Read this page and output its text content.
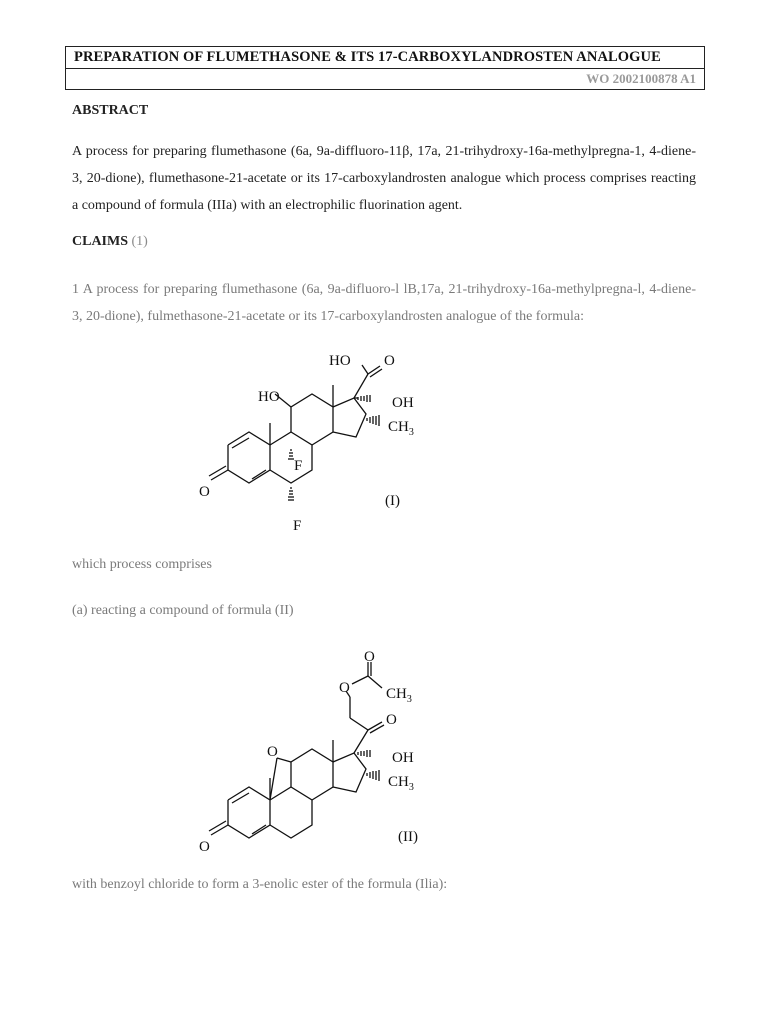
PREPARATION OF FLUMETHASONE & ITS 17-CARBOXYLANDROSTEN ANALOGUE
WO 2002100878 A1
ABSTRACT
A process for preparing flumethasone (6a, 9a-diffluoro-11β, 17a, 21-trihydroxy-16a-methylpregna-1, 4-diene-3, 20-dione), flumethasone-21-acetate or its 17-carboxylandrosten analogue which process comprises reacting a compound of formula (IIIa) with an electrophilic fluorination agent.
CLAIMS (1)
1 A process for preparing flumethasone (6a, 9a-difluoro-l lB,17a, 21-trihydroxy-16a-methylpregna-l, 4-diene-3, 20-dione), fulmethasone-21-acetate or its 17-carboxylandrosten analogue of the formula:
HO O
HO	OH
$CH_3$
F
F
O
(I)
which process comprises
(a) reacting a compound of formula (II)
O
O $CH_3$
O
O	OH
$CH_3$
O
(II)
with benzoyl chloride to form a 3-enolic ester of the formula (Ilia):
